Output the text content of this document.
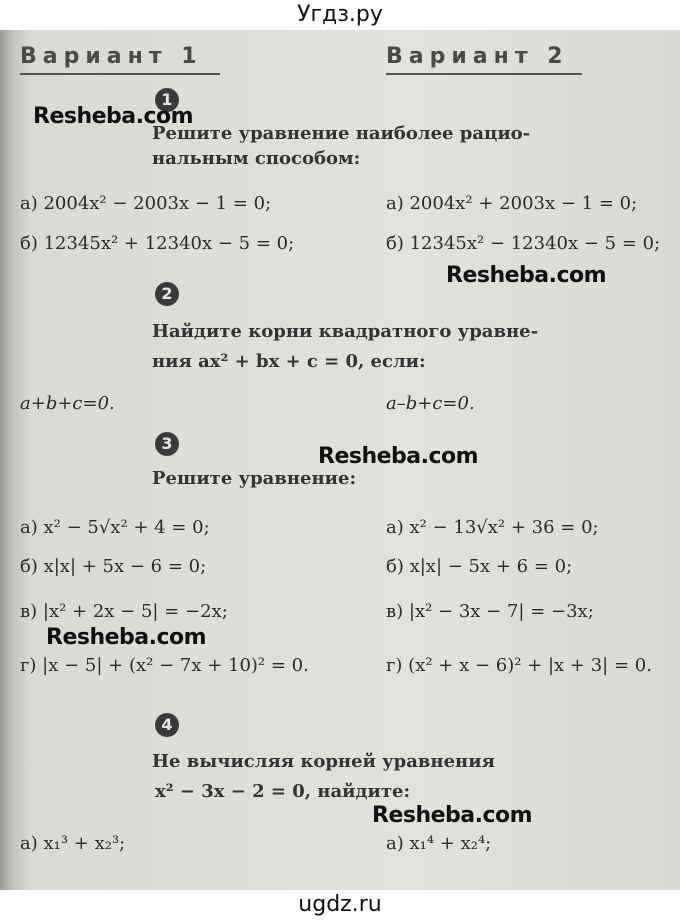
Угдз.ру
Вариант 1	Вариант 2
1
Resheba.com
Решите уравнение наиболее рацио-
нальным способом:
а) 2004x² − 2003x − 1 = 0;	а) 2004x² + 2003x − 1 = 0;
б) 12345x² + 12340x − 5 = 0;	б) 12345x² − 12340x − 5 = 0;
Resheba.com
2
Найдите корни квадратного уравне-
ния ax² + bx + c = 0, если:
a+b+c=0.	a–b+c=0.
3
Resheba.com
Решите уравнение:
а) x² − 5√x² + 4 = 0;	а) x² − 13√x² + 36 = 0;
б) x|x| + 5x − 6 = 0;	б) x|x| − 5x + 6 = 0;
в) |x² + 2x − 5| = −2x;	в) |x² − 3x − 7| = −3x;
Resheba.com
г) |x − 5| + (x² − 7x + 10)² = 0.	г) (x² + x − 6)² + |x + 3| = 0.
4
Не вычисляя корней уравнения
x² − 3x − 2 = 0, найдите:
Resheba.com
а) x₁³ + x₂³;	а) x₁⁴ + x₂⁴;
ugdz.ru
